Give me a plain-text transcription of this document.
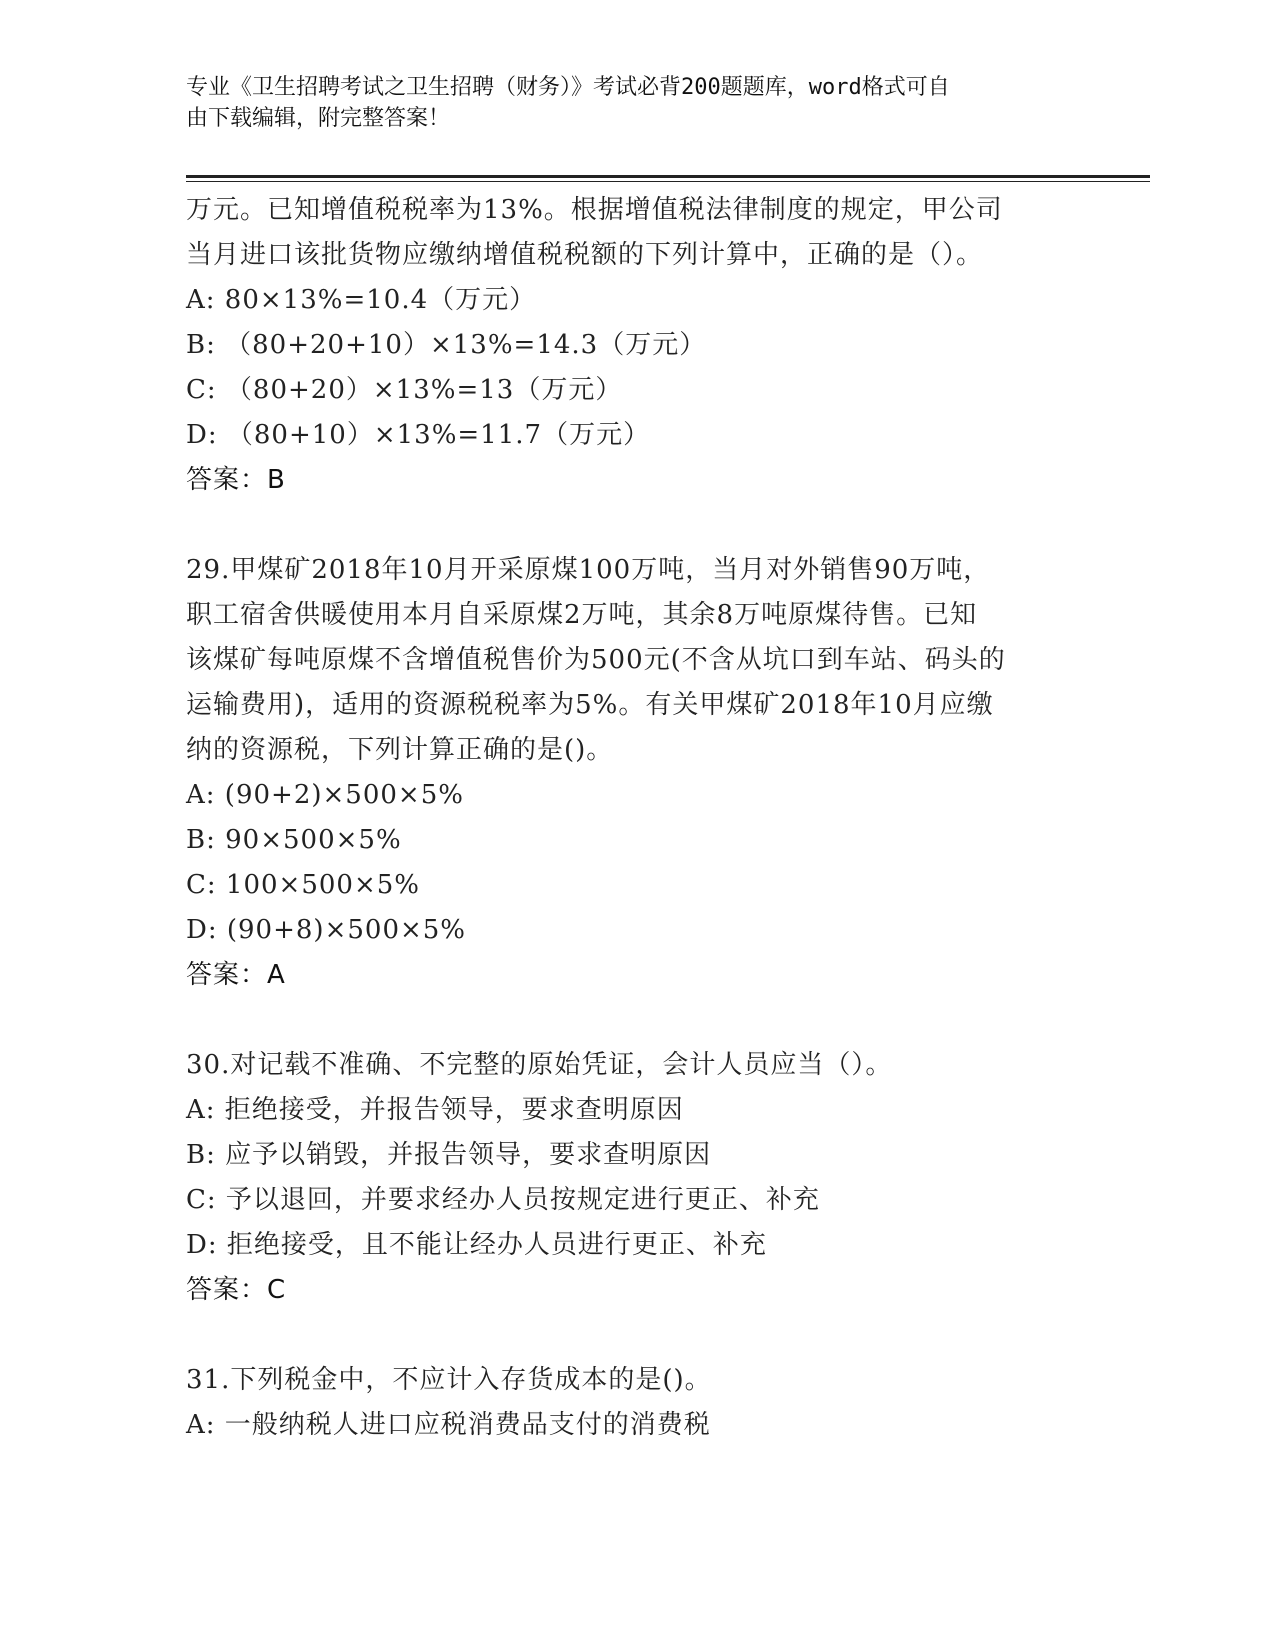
专业《卫生招聘考试之卫生招聘（财务）》考试必背200题题库，word格式可自
由下载编辑，附完整答案！
万元。已知增值税税率为13%。根据增值税法律制度的规定，甲公司
当月进口该批货物应缴纳增值税税额的下列计算中，正确的是（）。
A: 80×13%=10.4（万元）
B: （80+20+10）×13%=14.3（万元）
C: （80+20）×13%=13（万元）
D: （80+10）×13%=11.7（万元）
答案：B
29.甲煤矿2018年10月开采原煤100万吨，当月对外销售90万吨，
职工宿舍供暖使用本月自采原煤2万吨，其余8万吨原煤待售。已知
该煤矿每吨原煤不含增值税售价为500元(不含从坑口到车站、码头的
运输费用)，适用的资源税税率为5%。有关甲煤矿2018年10月应缴
纳的资源税，下列计算正确的是()。
A: (90+2)×500×5%
B: 90×500×5%
C: 100×500×5%
D: (90+8)×500×5%
答案：A
30.对记载不准确、不完整的原始凭证，会计人员应当（）。
A: 拒绝接受，并报告领导，要求查明原因
B: 应予以销毁，并报告领导，要求查明原因
C: 予以退回，并要求经办人员按规定进行更正、补充
D: 拒绝接受，且不能让经办人员进行更正、补充
答案：C
31.下列税金中，不应计入存货成本的是()。
A: 一般纳税人进口应税消费品支付的消费税
